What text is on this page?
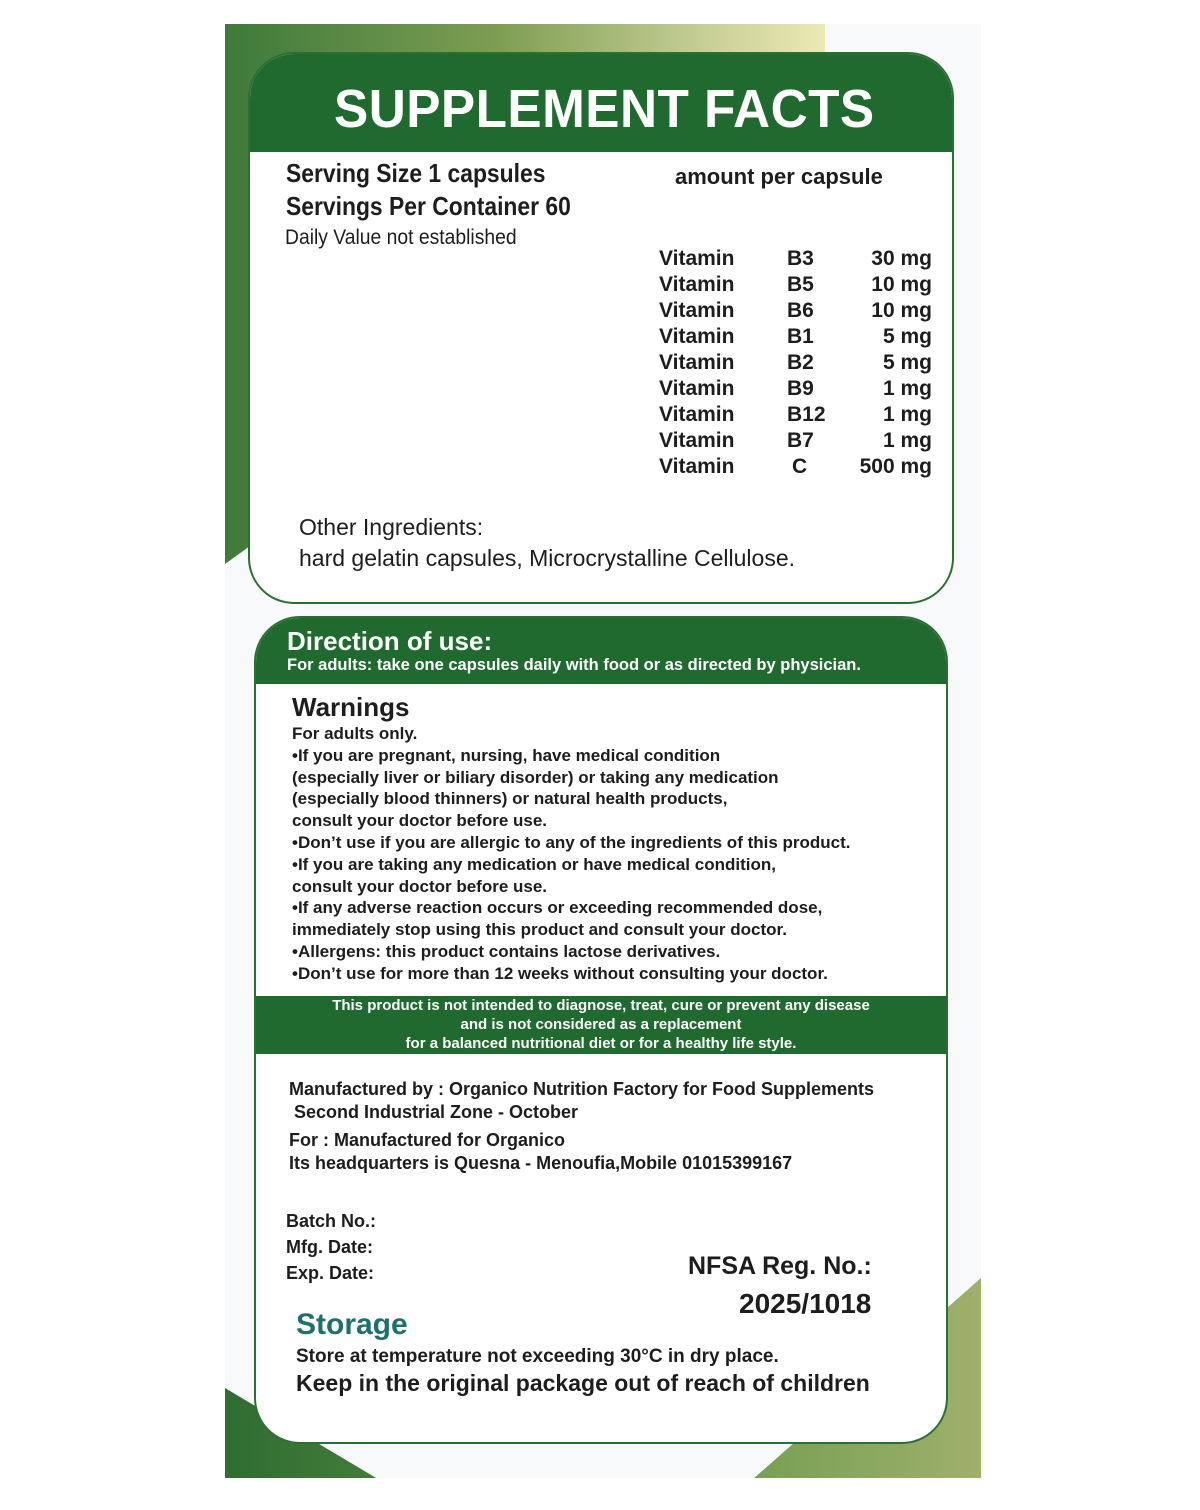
SUPPLEMENT FACTS
Serving Size 1 capsules
Servings Per Container 60
Daily Value not established
amount per capsule
Vitamin	B3	30 mg
Vitamin	B5	10 mg
Vitamin	B6	10 mg
Vitamin	B1	5 mg
Vitamin	B2	5 mg
Vitamin	B9	1 mg
Vitamin	B12	1 mg
Vitamin	B7	1 mg
Vitamin	C 500 mg
Other Ingredients:
hard gelatin capsules, Microcrystalline Cellulose.
Direction of use:
For adults: take one capsules daily with food or as directed by physician.
Warnings
For adults only.
•If you are pregnant, nursing, have medical condition
(especially liver or biliary disorder) or taking any medication
(especially blood thinners) or natural health products,
consult your doctor before use.
•Don’t use if you are allergic to any of the ingredients of this product.
•If you are taking any medication or have medical condition,
consult your doctor before use.
•If any adverse reaction occurs or exceeding recommended dose,
immediately stop using this product and consult your doctor.
•Allergens: this product contains lactose derivatives.
•Don’t use for more than 12 weeks without consulting your doctor.
This product is not intended to diagnose, treat, cure or prevent any disease
and is not considered as a replacement
for a balanced nutritional diet or for a healthy life style.
Manufactured by : Organico Nutrition Factory for Food Supplements
Second Industrial Zone - October
For : Manufactured for Organico
Its headquarters is Quesna - Menoufia,Mobile 01015399167
Batch No.:
Mfg. Date:
Exp. Date:	NFSA Reg. No.:
2025/1018
Storage
Store at temperature not exceeding 30°C in dry place.
Keep in the original package out of reach of children
